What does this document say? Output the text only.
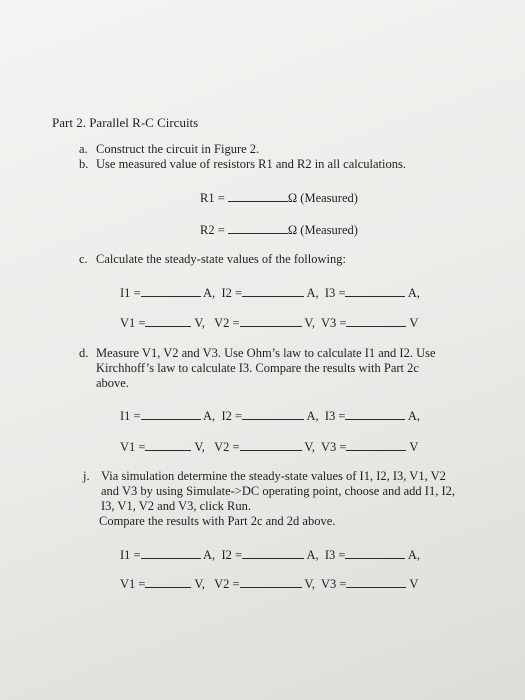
Part 2. Parallel R-C Circuits
a. Construct the circuit in Figure 2.
b. Use measured value of resistors R1 and R2 in all calculations.
R1 =	Ω (Measured)
R2 =	Ω (Measured)
c. Calculate the steady-state values of the following:
I1 =	A, I2 =	A, I3 =	A,
V1 =	V, V2 =	V, V3 =	V
d. Measure V1, V2 and V3. Use Ohm’s law to calculate I1 and I2. Use
Kirchhoff’s law to calculate I3. Compare the results with Part 2c
above.
I1 =	A, I2 =	A, I3 =	A,
V1 =	V, V2 =	V, V3 =	V
j. Via simulation determine the steady-state values of I1, I2, I3, V1, V2
and V3 by using Simulate->DC operating point, choose and add I1, I2,
I3, V1, V2 and V3, click Run.
Compare the results with Part 2c and 2d above.
I1 =	A, I2 =	A, I3 =	A,
V1 =	V, V2 =	V, V3 =	V
